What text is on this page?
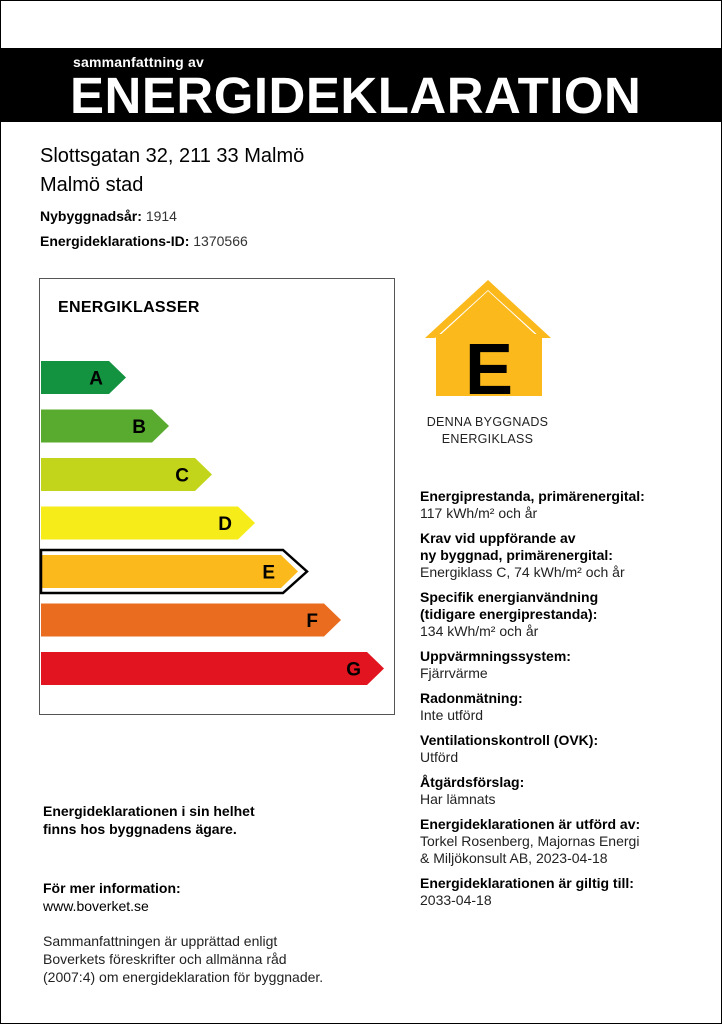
sammanfattning av
ENERGIDEKLARATION
Slottsgatan 32, 211 33 Malmö
Malmö stad
Nybyggnadsår: 1914
Energideklarations-ID: 1370566
A
B
C
D
E
F
G
ENERGIKLASSER
E
DENNA BYGGNADS
ENERGIKLASS
Energiprestanda, primärenergital:
117 kWh/m² och år
Krav vid uppförande av
ny byggnad, primärenergital:
Energiklass C, 74 kWh/m² och år
Specifik energianvändning
(tidigare energiprestanda):
134 kWh/m² och år
Uppvärmningssystem:
Fjärrvärme
Radonmätning:
Inte utförd
Ventilationskontroll (OVK):
Utförd
Åtgärdsförslag:
Har lämnats
Energideklarationen är utförd av:
Torkel Rosenberg, Majornas Energi
& Miljökonsult AB, 2023-04-18
Energideklarationen är giltig till:
2033-04-18
Energideklarationen i sin helhet
finns hos byggnadens ägare.
För mer information:
www.boverket.se
Sammanfattningen är upprättad enligt
Boverkets föreskrifter och allmänna råd
(2007:4) om energideklaration för byggnader.
